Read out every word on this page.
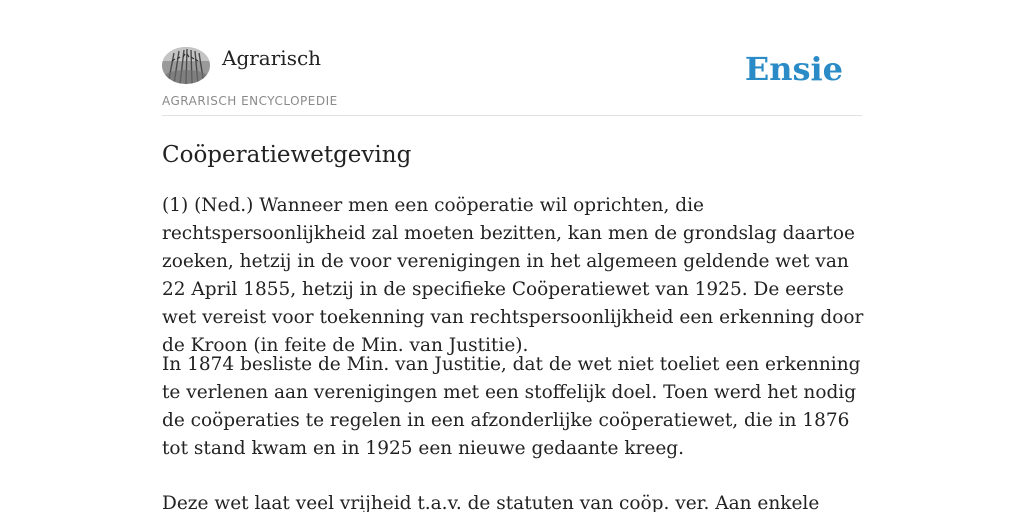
Agrarisch
AGRARISCH ENCYCLOPEDIE
Ensie
Coöperatiewetgeving

(1) (Ned.) Wanneer men een coöperatie wil oprichten, die rechtspersoonlijkheid zal moeten bezitten, kan men de grondslag daartoe zoeken, hetzij in de voor verenigingen in het algemeen geldende wet van 22 April 1855, hetzij in de specifieke Coöperatiewet van 1925. De eerste wet vereist voor toekenning van rechtspersoonlijkheid een erkenning door de Kroon (in feite de Min. van Justitie).

In 1874 besliste de Min. van Justitie, dat de wet niet toeliet een erkenning te verlenen aan verenigingen met een stoffelijk doel. Toen werd het nodig de coöperaties te regelen in een afzonderlijke coöperatiewet, die in 1876 tot stand kwam en in 1925 een nieuwe gedaante kreeg.

Deze wet laat veel vrijheid t.a.v. de statuten van coöp. ver. Aan enkele
